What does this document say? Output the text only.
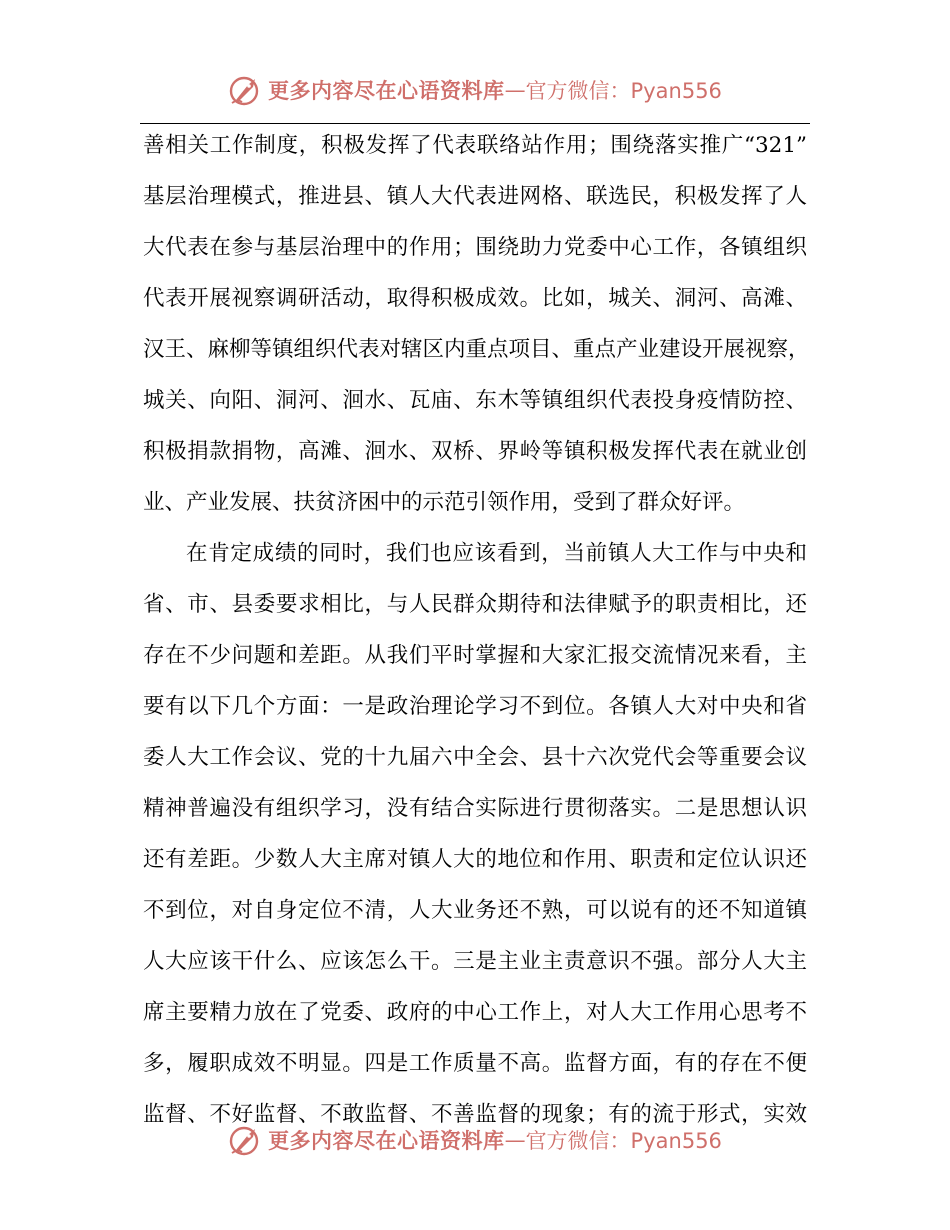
更多内容尽在心语资料库 — 官方微信：Pyan556
善相关工作制度，积极发挥了代表联络站作用；围绕落实推广“321”
基层治理模式，推进县、镇人大代表进网格、联选民，积极发挥了人
大代表在参与基层治理中的作用；围绕助力党委中心工作，各镇组织
代表开展视察调研活动，取得积极成效。比如，城关、洞河、高滩、
汉王、麻柳等镇组织代表对辖区内重点项目、重点产业建设开展视察，
城关、向阳、洞河、洄水、瓦庙、东木等镇组织代表投身疫情防控、
积极捐款捐物，高滩、洄水、双桥、界岭等镇积极发挥代表在就业创
业、产业发展、扶贫济困中的示范引领作用，受到了群众好评。
在肯定成绩的同时，我们也应该看到，当前镇人大工作与中央和
省、市、县委要求相比，与人民群众期待和法律赋予的职责相比，还
存在不少问题和差距。从我们平时掌握和大家汇报交流情况来看，主
要有以下几个方面：一是政治理论学习不到位。各镇人大对中央和省
委人大工作会议、党的十九届六中全会、县十六次党代会等重要会议
精神普遍没有组织学习，没有结合实际进行贯彻落实。二是思想认识
还有差距。少数人大主席对镇人大的地位和作用、职责和定位认识还
不到位，对自身定位不清，人大业务还不熟，可以说有的还不知道镇
人大应该干什么、应该怎么干。三是主业主责意识不强。部分人大主
席主要精力放在了党委、政府的中心工作上，对人大工作用心思考不
多，履职成效不明显。四是工作质量不高。监督方面，有的存在不便
监督、不好监督、不敢监督、不善监督的现象；有的流于形式，实效
更多内容尽在心语资料库 — 官方微信：Pyan556
